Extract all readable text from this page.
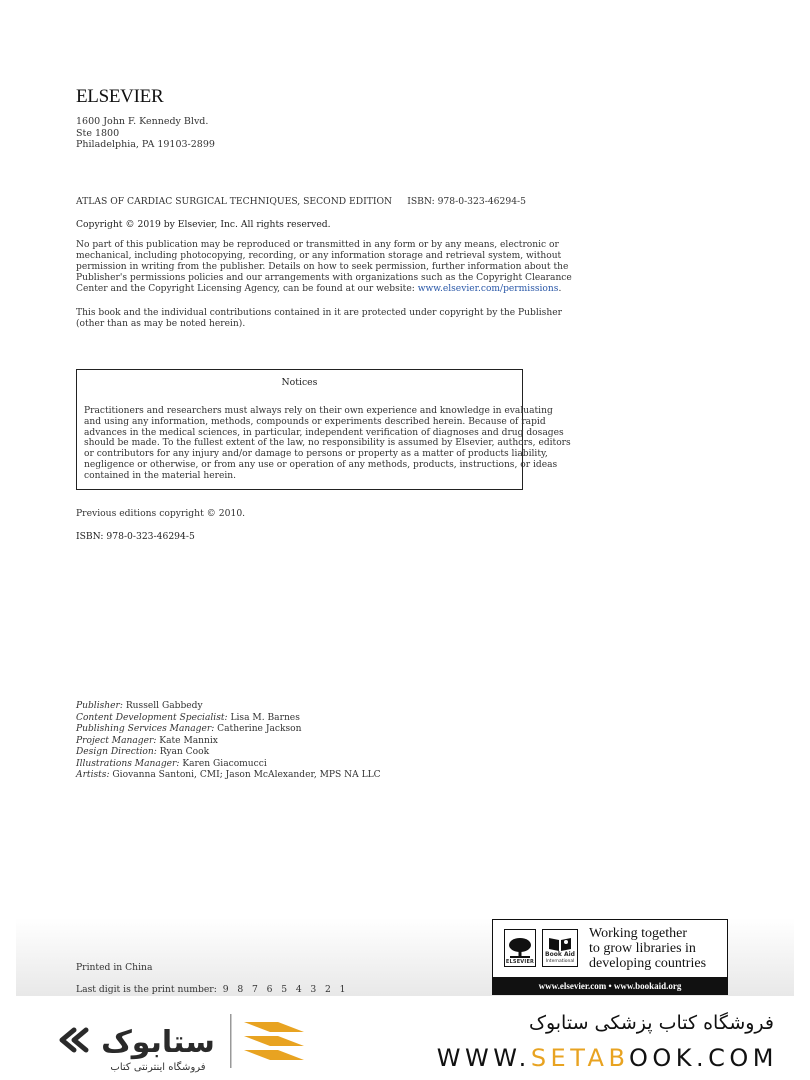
ELSEVIER
1600 John F. Kennedy Blvd.
Ste 1800
Philadelphia, PA 19103-2899
ATLAS OF CARDIAC SURGICAL TECHNIQUES, SECOND EDITION ISBN: 978-0-323-46294-5
Copyright © 2019 by Elsevier, Inc. All rights reserved.
No part of this publication may be reproduced or transmitted in any form or by any means, electronic or
mechanical, including photocopying, recording, or any information storage and retrieval system, without
permission in writing from the publisher. Details on how to seek permission, further information about the
Publisher's permissions policies and our arrangements with organizations such as the Copyright Clearance
Center and the Copyright Licensing Agency, can be found at our website: www.elsevier.com/permissions.
This book and the individual contributions contained in it are protected under copyright by the Publisher
(other than as may be noted herein).
Notices
Practitioners and researchers must always rely on their own experience and knowledge in evaluating
and using any information, methods, compounds or experiments described herein. Because of rapid
advances in the medical sciences, in particular, independent verification of diagnoses and drug dosages
should be made. To the fullest extent of the law, no responsibility is assumed by Elsevier, authors, editors
or contributors for any injury and/or damage to persons or property as a matter of products liability,
negligence or otherwise, or from any use or operation of any methods, products, instructions, or ideas
contained in the material herein.
Previous editions copyright © 2010.
ISBN: 978-0-323-46294-5
Publisher: Russell Gabbedy
Content Development Specialist: Lisa M. Barnes
Publishing Services Manager: Catherine Jackson
Project Manager: Kate Mannix
Design Direction: Ryan Cook
Illustrations Manager: Karen Giacomucci
Artists: Giovanna Santoni, CMI; Jason McAlexander, MPS NA LLC
Printed in China
Last digit is the print number: 9   8   7   6   5   4   3   2   1
ELSEVIER
Book Aid
International
Working together
to grow libraries in
developing countries
www.elsevier.com • www.bookaid.org
ستابوک
فروشگاه اینترنتی کتاب
فروشگاه کتاب پزشکی ستابوک
WWW.SETABOOK.COM
